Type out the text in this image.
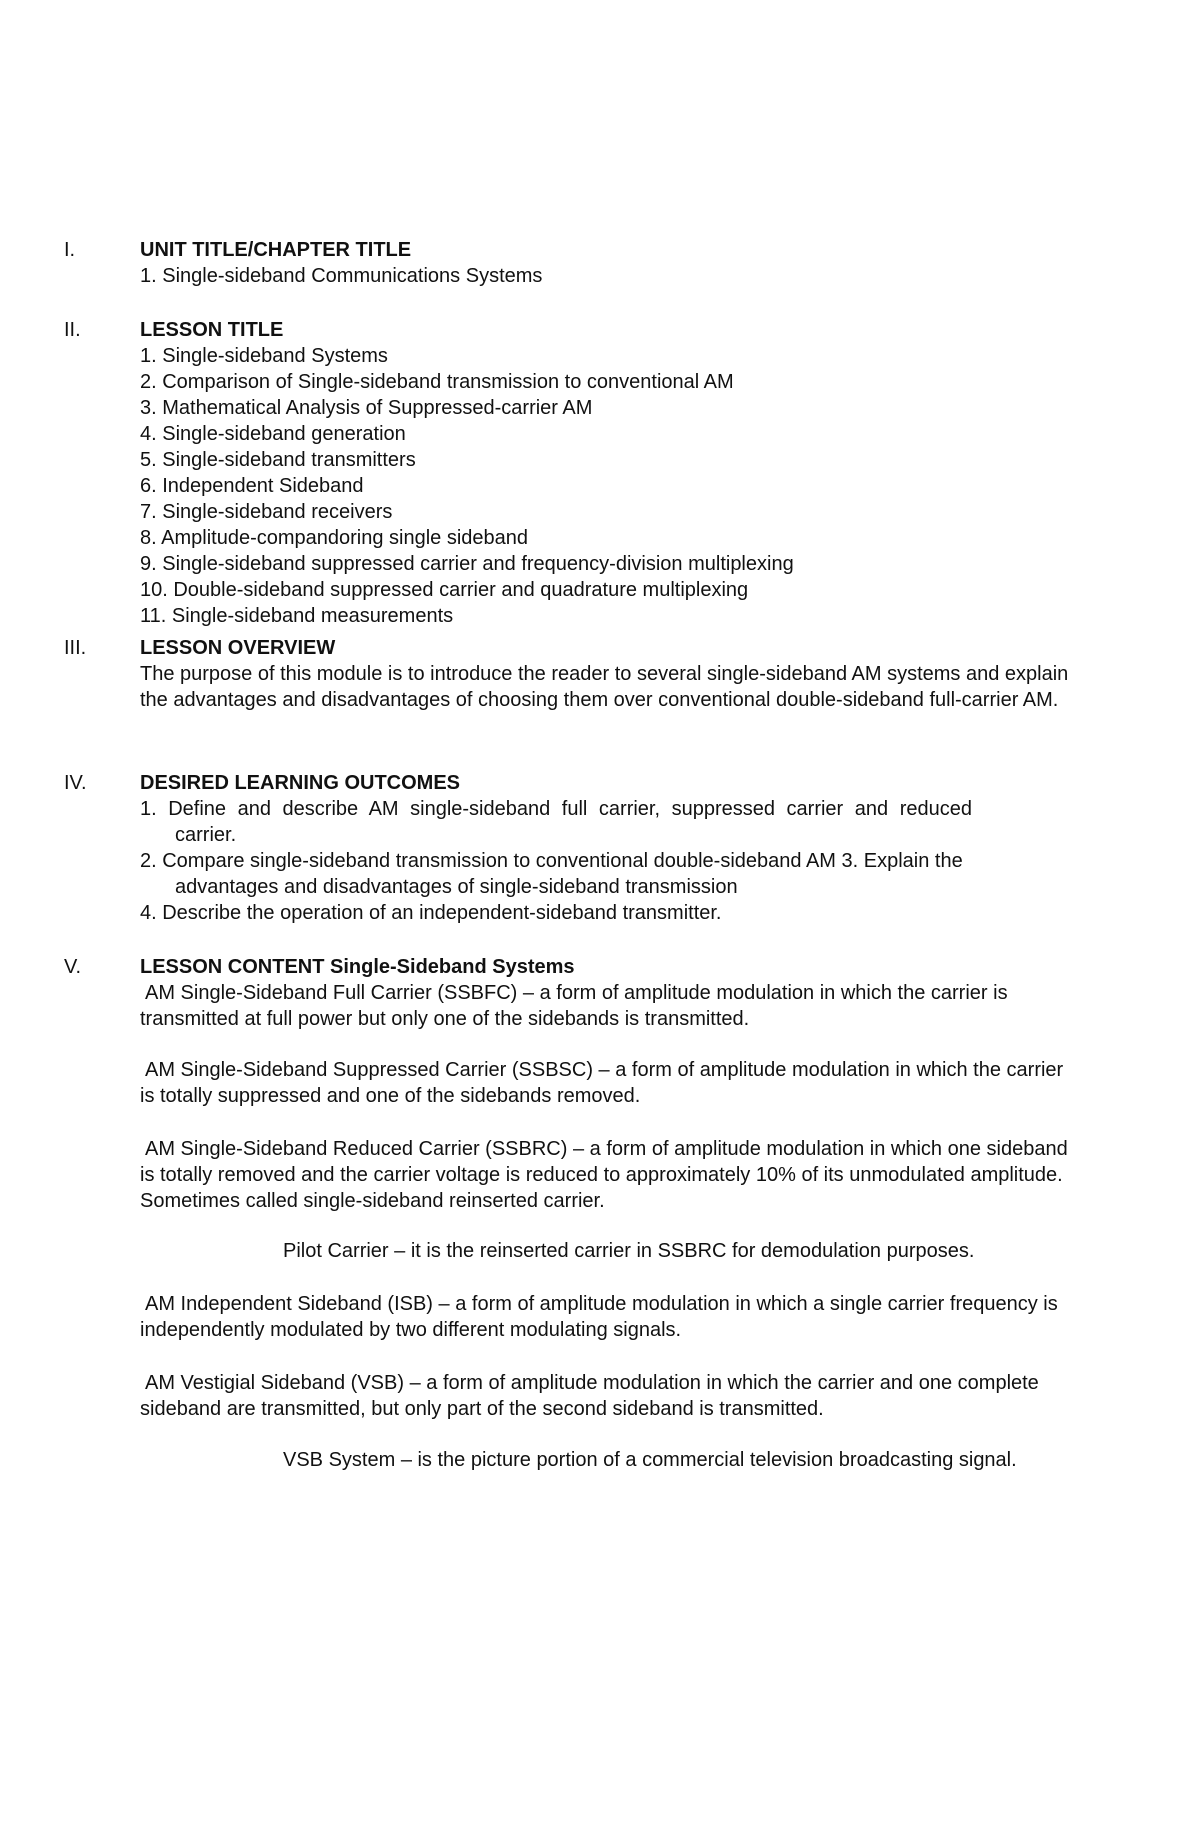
I.	UNIT TITLE/CHAPTER TITLE
1. Single-sideband Communications Systems
II.	LESSON TITLE
1. Single-sideband Systems
2. Comparison of Single-sideband transmission to conventional AM
3. Mathematical Analysis of Suppressed-carrier AM
4. Single-sideband generation
5. Single-sideband transmitters
6. Independent Sideband
7. Single-sideband receivers
8. Amplitude-compandoring single sideband
9. Single-sideband suppressed carrier and frequency-division multiplexing
10. Double-sideband suppressed carrier and quadrature multiplexing
11. Single-sideband measurements
III.	LESSON OVERVIEW
The purpose of this module is to introduce the reader to several single-sideband AM systems and explain
the advantages and disadvantages of choosing them over conventional double-sideband full-carrier AM.
IV.	DESIRED LEARNING OUTCOMES
1. Define and describe AM single-sideband full carrier, suppressed carrier and reduced
carrier.
2. Compare single-sideband transmission to conventional double-sideband AM 3. Explain the
advantages and disadvantages of single-sideband transmission
4. Describe the operation of an independent-sideband transmitter.
V.	LESSON CONTENT Single-Sideband Systems
AM Single-Sideband Full Carrier (SSBFC) – a form of amplitude modulation in which the carrier is
transmitted at full power but only one of the sidebands is transmitted.
AM Single-Sideband Suppressed Carrier (SSBSC) – a form of amplitude modulation in which the carrier
is totally suppressed and one of the sidebands removed.
AM Single-Sideband Reduced Carrier (SSBRC) – a form of amplitude modulation in which one sideband
is totally removed and the carrier voltage is reduced to approximately 10% of its unmodulated amplitude.
Sometimes called single-sideband reinserted carrier.
Pilot Carrier – it is the reinserted carrier in SSBRC for demodulation purposes.
AM Independent Sideband (ISB) – a form of amplitude modulation in which a single carrier frequency is
independently modulated by two different modulating signals.
AM Vestigial Sideband (VSB) – a form of amplitude modulation in which the carrier and one complete
sideband are transmitted, but only part of the second sideband is transmitted.
VSB System – is the picture portion of a commercial television broadcasting signal.
